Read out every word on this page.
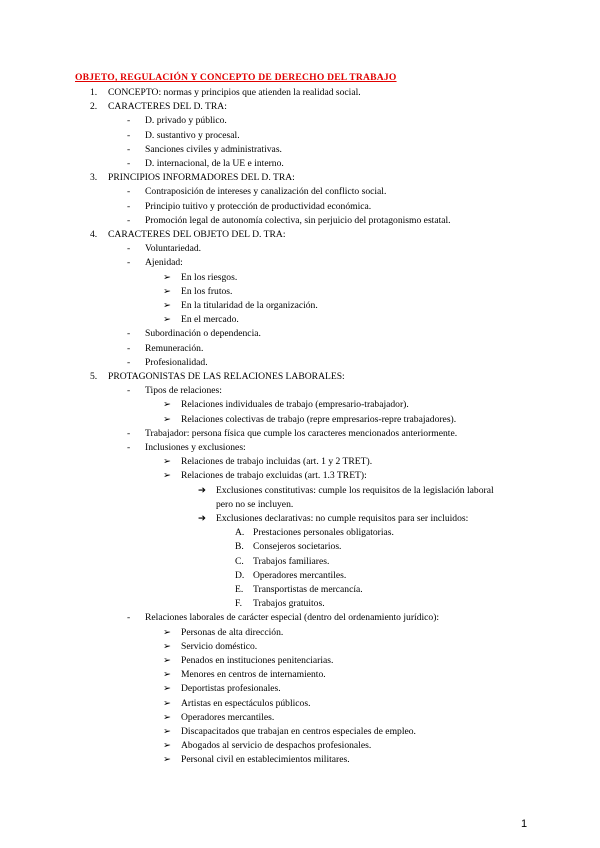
OBJETO, REGULACIÓN Y CONCEPTO DE DERECHO DEL TRABAJO
1. CONCEPTO: normas y principios que atienden la realidad social.
2. CARACTERES DEL D. TRA:
- D. privado y público.
- D. sustantivo y procesal.
- Sanciones civiles y administrativas.
- D. internacional, de la UE e interno.
3. PRINCIPIOS INFORMADORES DEL D. TRA:
- Contraposición de intereses y canalización del conflicto social.
- Principio tuitivo y protección de productividad económica.
- Promoción legal de autonomía colectiva, sin perjuicio del protagonismo estatal.
4. CARACTERES DEL OBJETO DEL D. TRA:
- Voluntariedad.
- Ajenidad:
➢ En los riesgos.
➢ En los frutos.
➢ En la titularidad de la organización.
➢ En el mercado.
- Subordinación o dependencia.
- Remuneración.
- Profesionalidad.
5. PROTAGONISTAS DE LAS RELACIONES LABORALES:
- Tipos de relaciones:
➢ Relaciones individuales de trabajo (empresario-trabajador).
➢ Relaciones colectivas de trabajo (repre empresarios-repre trabajadores).
- Trabajador: persona física que cumple los caracteres mencionados anteriormente.
- Inclusiones y exclusiones:
➢ Relaciones de trabajo incluidas (art. 1 y 2 TRET).
➢ Relaciones de trabajo excluidas (art. 1.3 TRET):
➔ Exclusiones constitutivas: cumple los requisitos de la legislación laboral
pero no se incluyen.
➔ Exclusiones declarativas: no cumple requisitos para ser incluidos:
A. Prestaciones personales obligatorias.
B. Consejeros societarios.
C. Trabajos familiares.
D. Operadores mercantiles.
E. Transportistas de mercancía.
F. Trabajos gratuitos.
- Relaciones laborales de carácter especial (dentro del ordenamiento jurídico):
➢ Personas de alta dirección.
➢ Servicio doméstico.
➢ Penados en instituciones penitenciarias.
➢ Menores en centros de internamiento.
➢ Deportistas profesionales.
➢ Artistas en espectáculos públicos.
➢ Operadores mercantiles.
➢ Discapacitados que trabajan en centros especiales de empleo.
➢ Abogados al servicio de despachos profesionales.
➢ Personal civil en establecimientos militares.
1
